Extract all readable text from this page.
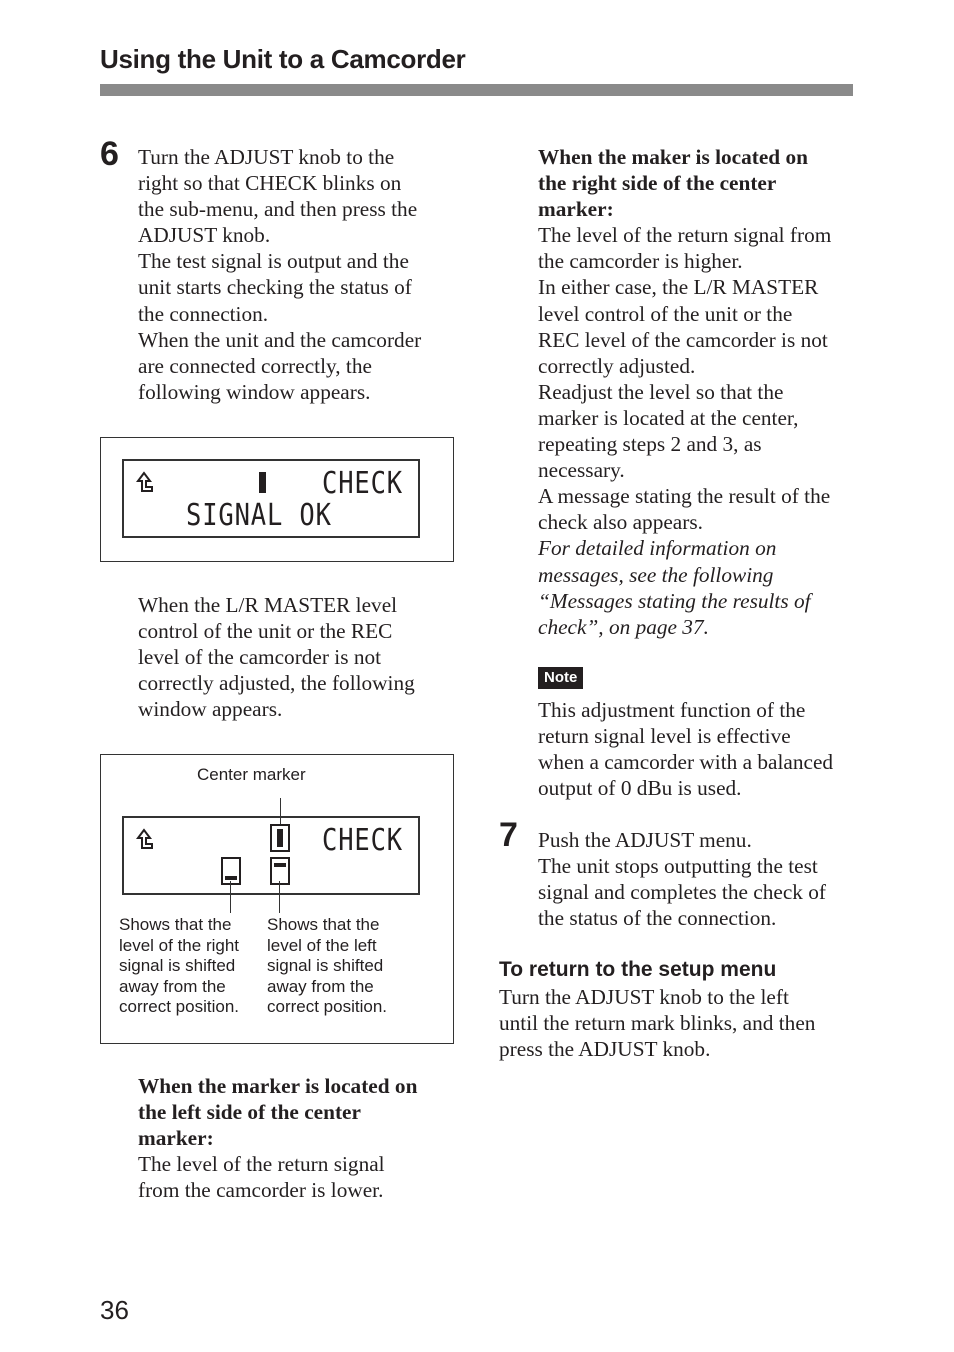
Using the Unit to a Camcorder
6 Turn the ADJUST knob to the

right so that CHECK blinks on

the sub-menu, and then press the

ADJUST knob.

The test signal is output and the

unit starts checking the status of

the connection.

When the unit and the camcorder

are connected correctly, the

following window appears.

CHECK
SIGNAL OK

When the L/R MASTER level

control of the unit or the REC

level of the camcorder is not

correctly adjusted, the following

window appears.

Center marker
CHECK
Shows that the
level of the right
signal is shifted
away from the
correct position.
Shows that the
level of the left
signal is shifted
away from the
correct position.

When the marker is located on

the left side of the center

marker:

The level of the return signal

from the camcorder is lower.

When the maker is located on

the right side of the center

marker:

The level of the return signal from

the camcorder is higher.

In either case, the L/R MASTER

level control of the unit or the

REC level of the camcorder is not

correctly adjusted.

Readjust the level so that the

marker is located at the center,

repeating steps 2 and 3, as

necessary.

A message stating the result of the

check also appears.

For detailed information on

messages, see the following

“Messages stating the results of

check”, on page 37.

Note

This adjustment function of the

return signal level is effective

when a camcorder with a balanced

output of 0 dBu is used.

7 Push the ADJUST menu.

The unit stops outputting the test

signal and completes the check of

the status of the connection.

To return to the setup menu

Turn the ADJUST knob to the left

until the return mark blinks, and then

press the ADJUST knob.

36
